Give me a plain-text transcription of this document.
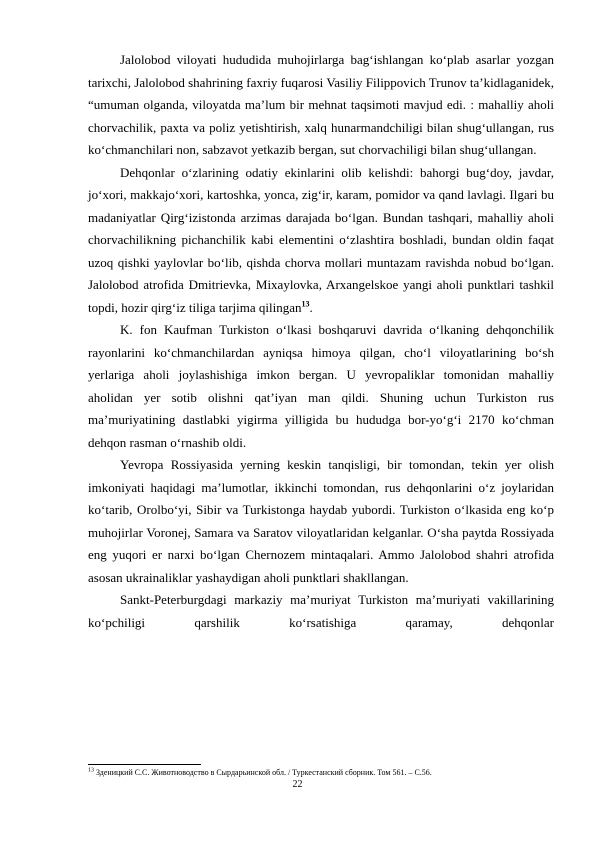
Jalolobod viloyati hududida muhojirlarga bag‘ishlangan ko‘plab asarlar yozgan tarixchi, Jalolobod shahrining faxriy fuqarosi Vasiliy Filippovich Trunov ta’kidlaganidek, “umuman olganda, viloyatda ma’lum bir mehnat taqsimoti mavjud edi. : mahalliy aholi chorvachilik, paxta va poliz yetishtirish, xalq hunarmandchiligi bilan shug‘ullangan, rus ko‘chmanchilari non, sabzavot yetkazib bergan, sut chorvachiligi bilan shug‘ullangan.

Dehqonlar o‘zlarining odatiy ekinlarini olib kelishdi: bahorgi bug‘doy, javdar, jo‘xori, makkajo‘xori, kartoshka, yonca, zig‘ir, karam, pomidor va qand lavlagi. Ilgari bu madaniyatlar Qirg‘izistonda arzimas darajada bo‘lgan. Bundan tashqari, mahalliy aholi chorvachilikning pichanchilik kabi elementini o‘zlashtira boshladi, bundan oldin faqat uzoq qishki yaylovlar bo‘lib, qishda chorva mollari muntazam ravishda nobud bo‘lgan. Jalolobod atrofida Dmitrievka, Mixaylovka, Arxangelskoe yangi aholi punktlari tashkil topdi, hozir qirg‘iz tiliga tarjima qilingan$^{13}$.

K. fon Kaufman Turkiston o‘lkasi boshqaruvi davrida o‘lkaning dehqonchilik rayonlarini ko‘chmanchilardan ayniqsa himoya qilgan, cho‘l viloyatlarining bo‘sh yerlariga aholi joylashishiga imkon bergan. U yevropaliklar tomonidan mahalliy aholidan yer sotib olishni qat’iyan man qildi. Shuning uchun Turkiston rus ma’muriyatining dastlabki yigirma yilligida bu hududga bor-yo‘g‘i 2170 ko‘chman dehqon rasman o‘rnashib oldi.

Yevropa Rossiyasida yerning keskin tanqisligi, bir tomondan, tekin yer olish imkoniyati haqidagi ma’lumotlar, ikkinchi tomondan, rus dehqonlarini o‘z joylaridan ko‘tarib, Orolbo‘yi, Sibir va Turkistonga haydab yubordi. Turkiston o‘lkasida eng ko‘p muhojirlar Voronej, Samara va Saratov viloyatlaridan kelganlar. O‘sha paytda Rossiyada eng yuqori er narxi bo‘lgan Chernozem mintaqalari. Ammo Jalolobod shahri atrofida asosan ukrainaliklar yashaydigan aholi punktlari shakllangan.

Sankt-Peterburgdagi markaziy ma’muriyat Turkiston ma’muriyati vakillarining ko‘pchiligi qarshilik ko‘rsatishiga qaramay, dehqonlar

$^{13}$ Зденицкий С.С. Животноводство в Сырдарьинской обл. / Туркестанский сборник. Том 561. – С.56.

22
